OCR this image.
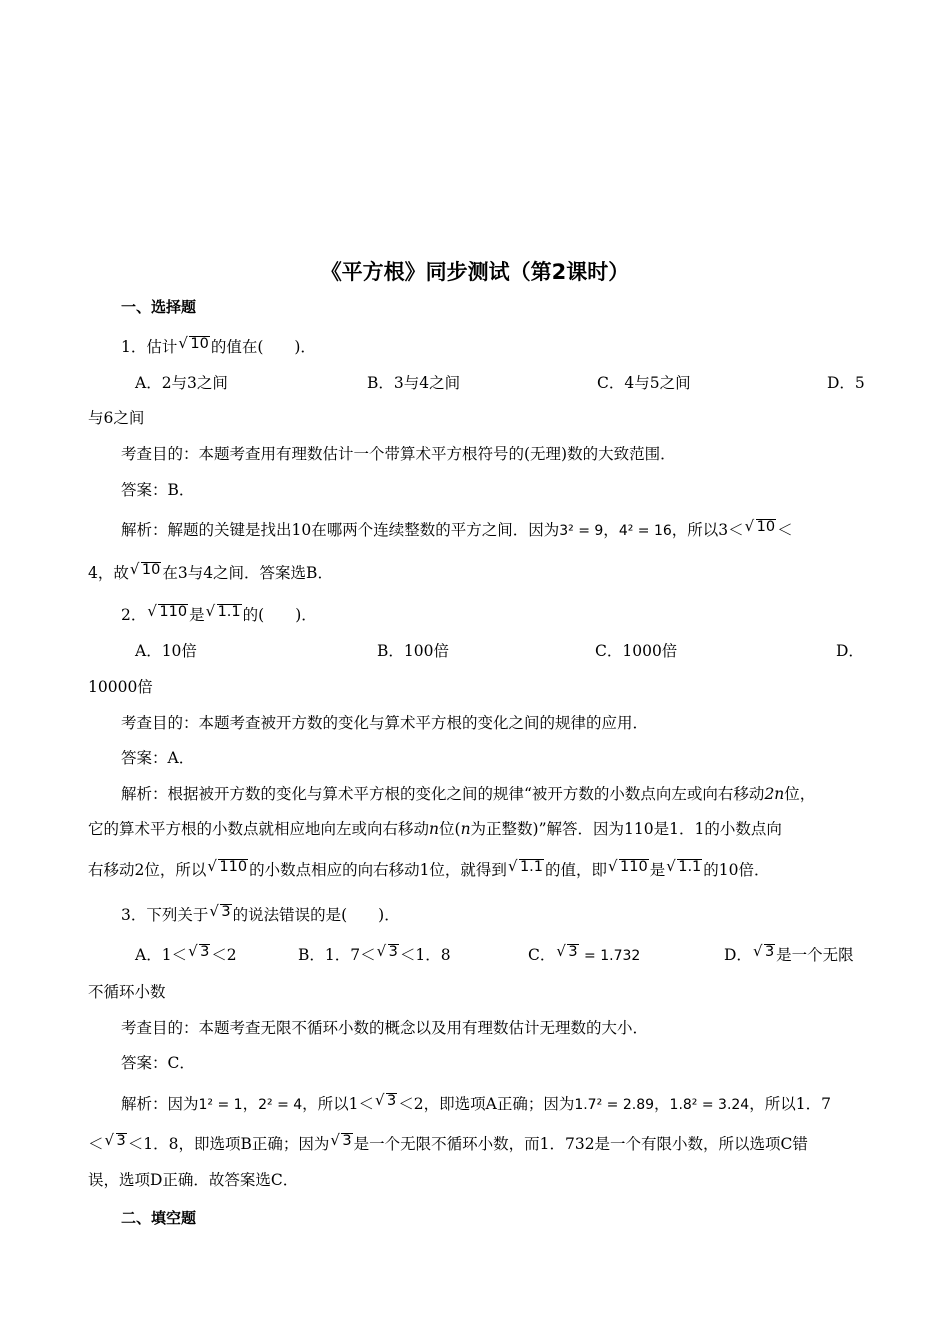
《平方根》同步测试（第2课时）
一、选择题
1．估计 √ 10 的值在(　　)．
A．2与3之间	B．3与4之间	C．4与5之间	D．5
与6之间
考查目的：本题考查用有理数估计一个带算术平方根符号的(无理)数的大致范围．
答案：B．
解析：解题的关键是找出10在哪两个连续整数的平方之间．因为3² = 9，4² = 16，所以3＜ √ 10 ＜
4，故 √ 10 在3与4之间．答案选B．
2． √ 110 是 √ 1.1 的(　　)．
A．10倍	B．100倍	C．1000倍	D．
10000倍
考查目的：本题考查被开方数的变化与算术平方根的变化之间的规律的应用．
答案：A．
解析：根据被开方数的变化与算术平方根的变化之间的规律“被开方数的小数点向左或向右移动2n位，
它的算术平方根的小数点就相应地向左或向右移动n位(n为正整数)”解答．因为110是1．1的小数点向
右移动2位，所以 √ 110 的小数点相应的向右移动1位，就得到 √ 1.1 的值，即 √ 110 是 √ 1.1 的10倍．
3．下列关于 √ 3 的说法错误的是(　　)．
A．1＜ √ 3 ＜2	B．1．7＜ √ 3 ＜1．8	C． √ 3 = 1.732	D． √ 3 是一个无限
不循环小数
考查目的：本题考查无限不循环小数的概念以及用有理数估计无理数的大小．
答案：C．
解析：因为1² = 1，2² = 4，所以1＜ √ 3 ＜2，即选项A正确；因为1.7² = 2.89，1.8² = 3.24，所以1．7
＜ √ 3 ＜1．8，即选项B正确；因为 √ 3 是一个无限不循环小数，而1．732是一个有限小数，所以选项C错
误，选项D正确．故答案选C．
二、填空题
